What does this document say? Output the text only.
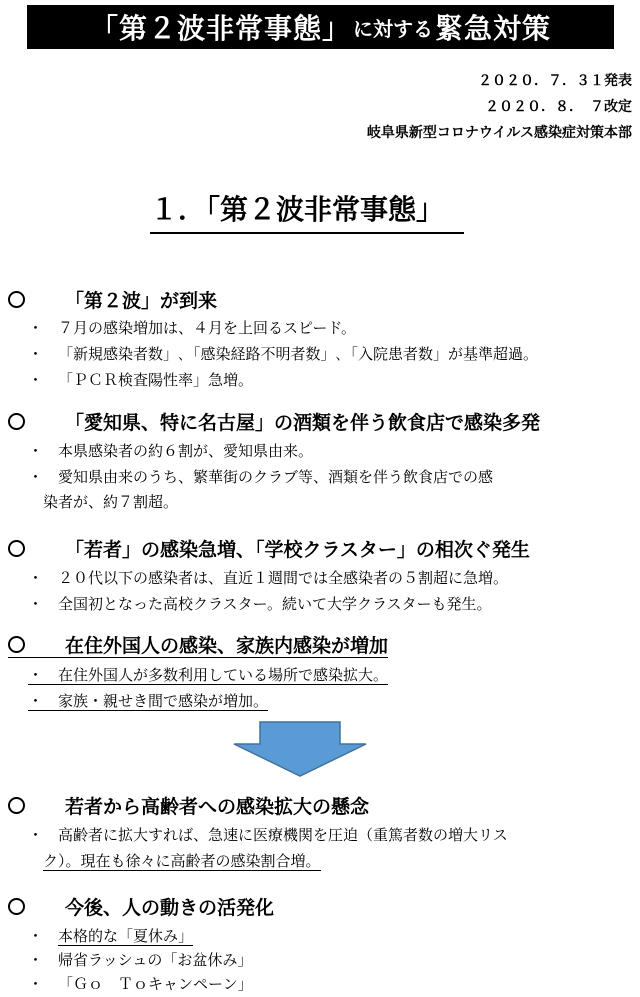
「第２波非常事態」 に対する 緊急対策
２０２０．７．３１発表
２０２０．８．　７改定
岐阜県新型コロナウイルス感染症対策本部
１．「第２波非常事態」
「第２波」が到来
・ ７月の感染増加は、４月を上回るスピード。
・ 「新規感染者数」､「感染経路不明者数」､「入院患者数」が基準超過。
・ 「ＰＣＲ検査陽性率」急増。
「愛知県、特に名古屋」の酒類を伴う飲食店で感染多発
・ 本県感染者の約６割が、愛知県由来。
・ 愛知県由来のうち、繁華街のクラブ等、酒類を伴う飲食店での感
染者が、約７割超。
「若者」の感染急増、「学校クラスター」の相次ぐ発生
・ ２０代以下の感染者は、直近１週間では全感染者の５割超に急増。
・ 全国初となった高校クラスター。続いて大学クラスターも発生。
在住外国人の感染、家族内感染が増加
・ 在住外国人が多数利用している場所で感染拡大。
・ 家族・親せき間で感染が増加。
若者から高齢者への感染拡大の懸念
・ 高齢者に拡大すれば、急速に医療機関を圧迫（重篤者数の増大リス
ク）。現在も徐々に高齢者の感染割合増。
今後、人の動きの活発化
・ 本格的な「夏休み」
・ 帰省ラッシュの「お盆休み」
・ 「Ｇｏ　Ｔｏキャンペーン」
